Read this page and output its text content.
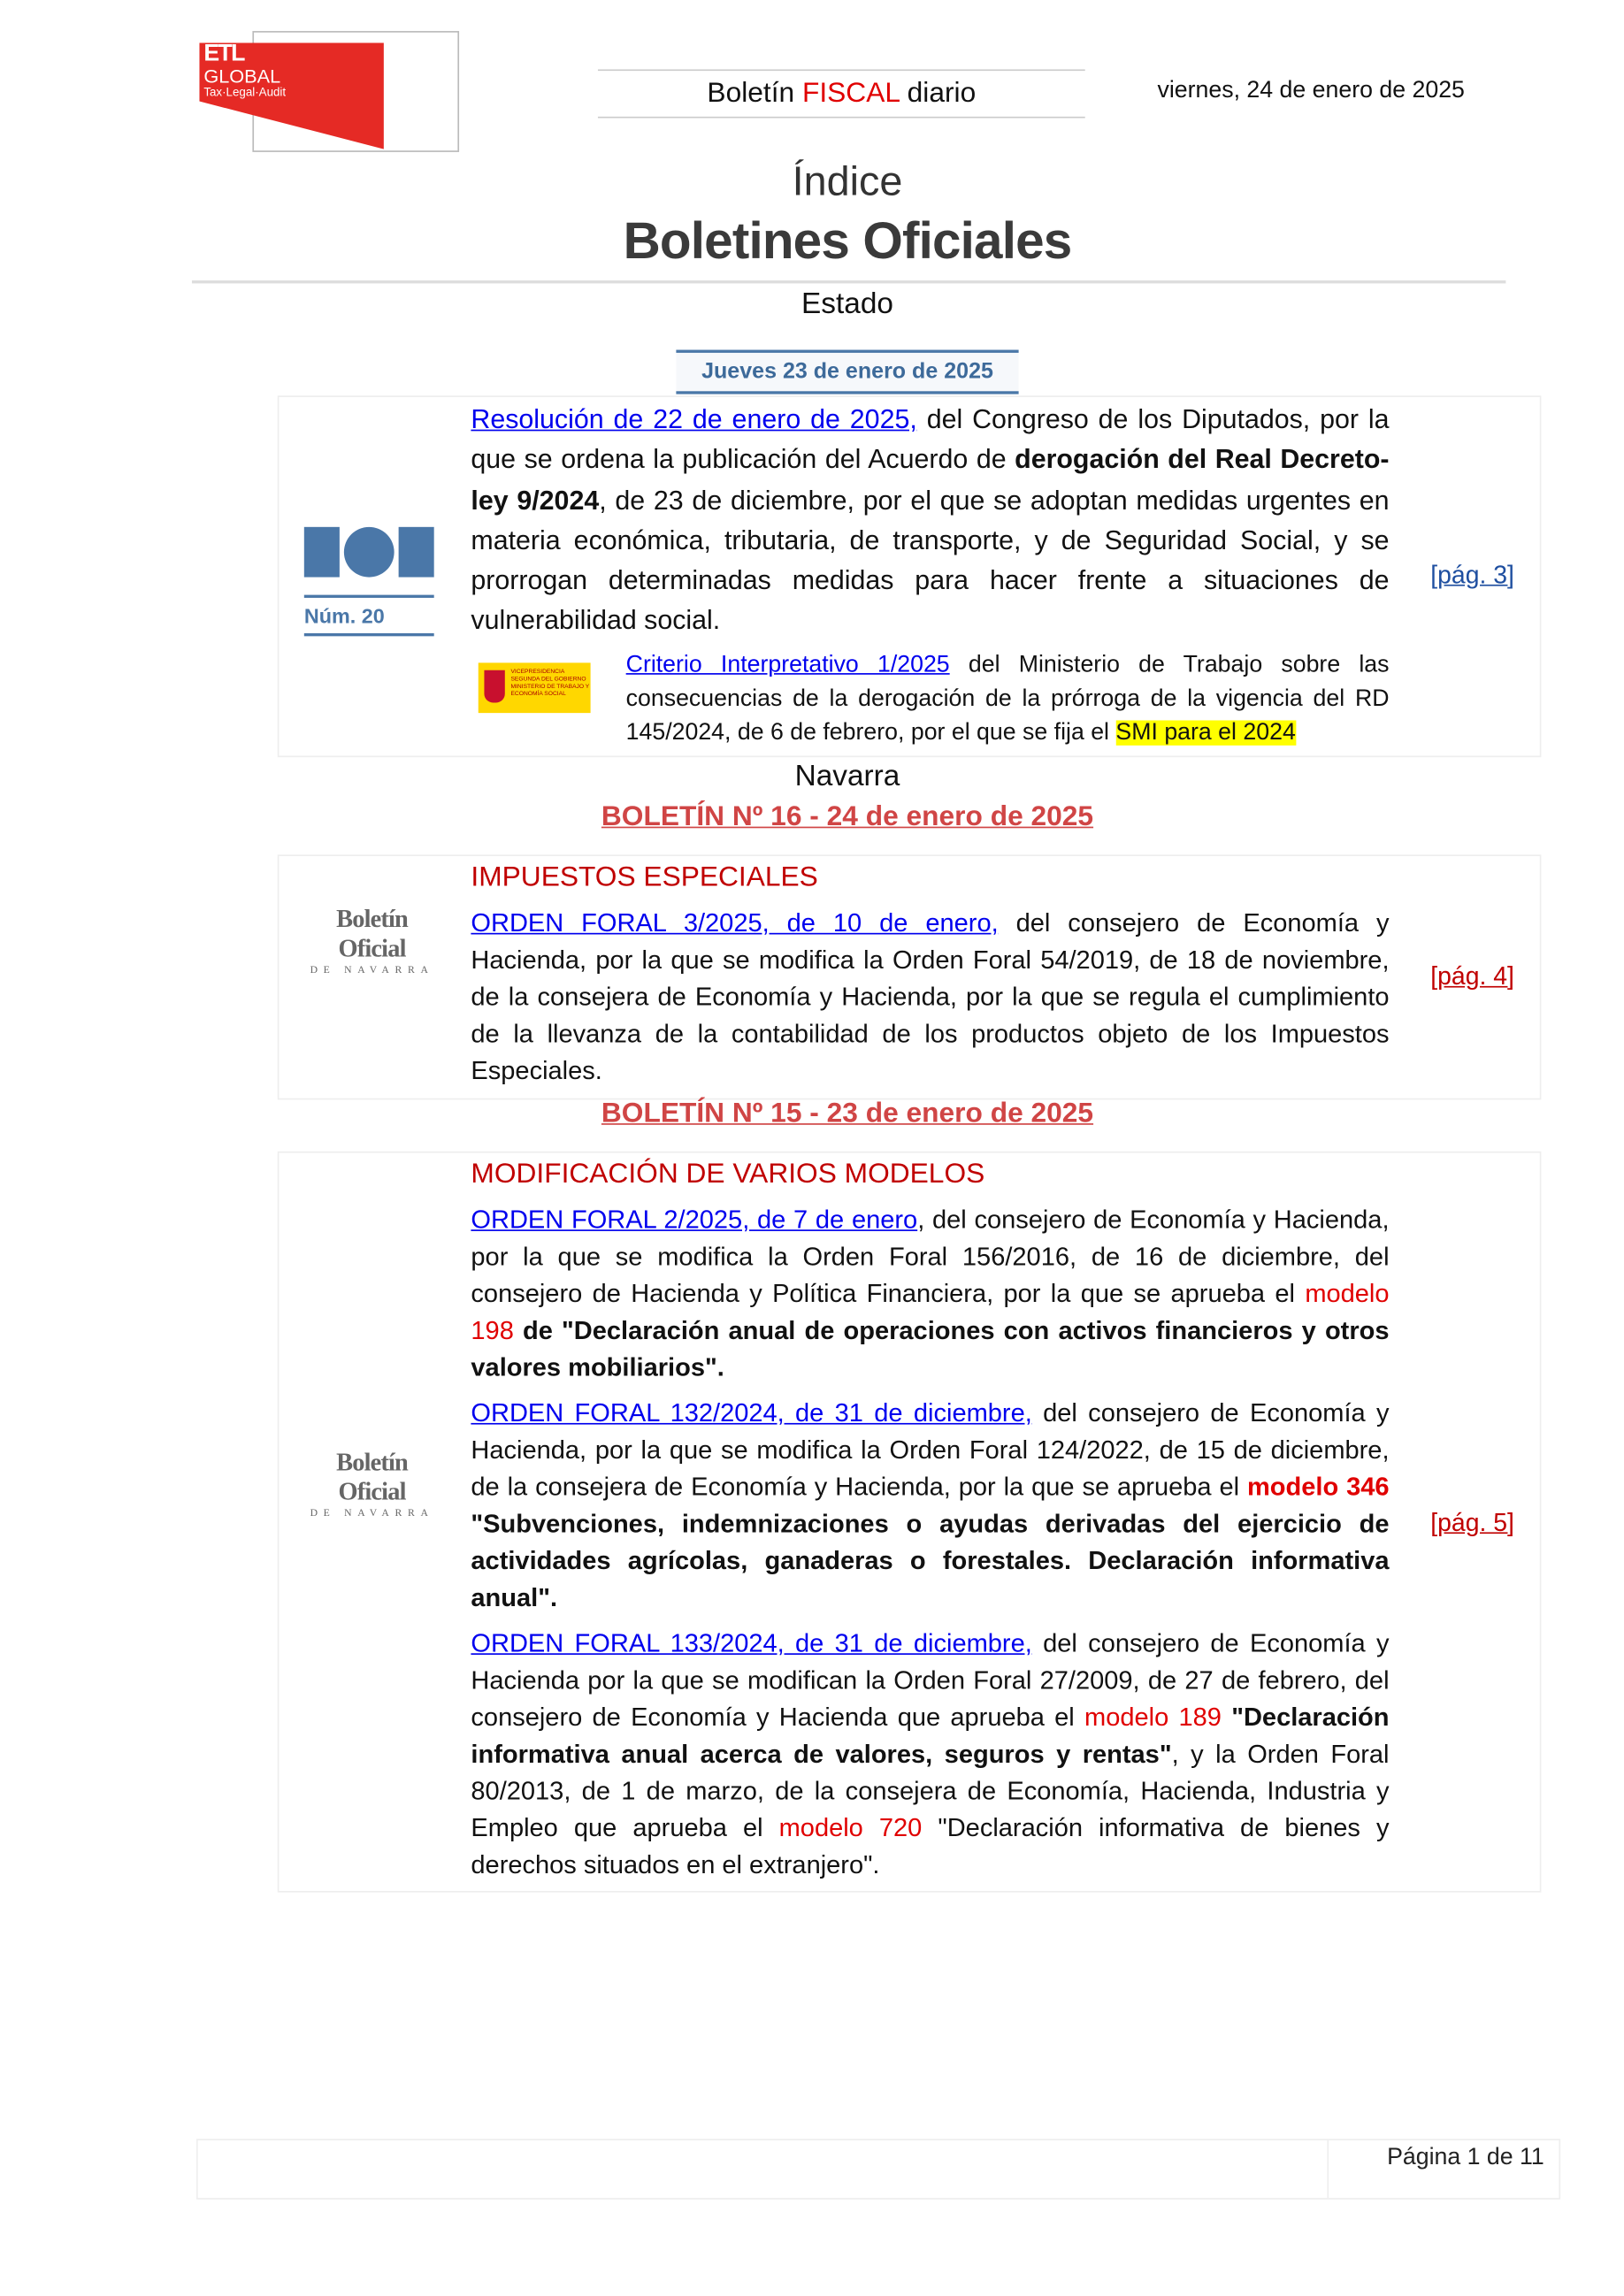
ETL
GLOBAL
Tax·Legal·Audit	Boletín FISCAL diario	viernes, 24 de enero de 2025
Índice
Boletines Oficiales
Estado
Jueves 23 de enero de 2025
Núm. 20
Resolución de 22 de enero de 2025, del Congreso de los Diputados, por la que se ordena la publicación del Acuerdo de derogación del Real Decreto-ley 9/2024, de 23 de diciembre, por el que se adoptan medidas urgentes en materia económica, tributaria, de transporte, y de Seguridad Social, y se prorrogan determinadas medidas para hacer frente a situaciones de vulnerabilidad social.
[pág. 3]
VICEPRESIDENCIA SEGUNDA DEL GOBIERNO
MINISTERIO DE TRABAJO Y ECONOMÍA SOCIAL
Criterio Interpretativo 1/2025 del Ministerio de Trabajo sobre las consecuencias de la derogación de la prórroga de la vigencia del RD 145/2024, de 6 de febrero, por el que se fija el SMI para el 2024
Navarra
BOLETÍN Nº 16 - 24 de enero de 2025
Boletín Oficial
DE NAVARRA
IMPUESTOS ESPECIALES

ORDEN FORAL 3/2025, de 10 de enero, del consejero de Economía y Hacienda, por la que se modifica la Orden Foral 54/2019, de 18 de noviembre, de la consejera de Economía y Hacienda, por la que se regula el cumplimiento de la llevanza de la contabilidad de los productos objeto de los Impuestos Especiales.

[pág. 4]
BOLETÍN Nº 15 - 23 de enero de 2025
Boletín Oficial
DE NAVARRA
MODIFICACIÓN DE VARIOS MODELOS

ORDEN FORAL 2/2025, de 7 de enero, del consejero de Economía y Hacienda, por la que se modifica la Orden Foral 156/2016, de 16 de diciembre, del consejero de Hacienda y Política Financiera, por la que se aprueba el modelo 198 de "Declaración anual de operaciones con activos financieros y otros valores mobiliarios".

ORDEN FORAL 132/2024, de 31 de diciembre, del consejero de Economía y Hacienda, por la que se modifica la Orden Foral 124/2022, de 15 de diciembre, de la consejera de Economía y Hacienda, por la que se aprueba el modelo 346 "Subvenciones, indemnizaciones o ayudas derivadas del ejercicio de actividades agrícolas, ganaderas o forestales. Declaración informativa anual".

ORDEN FORAL 133/2024, de 31 de diciembre, del consejero de Economía y Hacienda por la que se modifican la Orden Foral 27/2009, de 27 de febrero, del consejero de Economía y Hacienda que aprueba el modelo 189 "Declaración informativa anual acerca de valores, seguros y rentas", y la Orden Foral 80/2013, de 1 de marzo, de la consejera de Economía, Hacienda, Industria y Empleo que aprueba el modelo 720 "Declaración informativa de bienes y derechos situados en el extranjero".

[pág. 5]
Página 1 de 11
